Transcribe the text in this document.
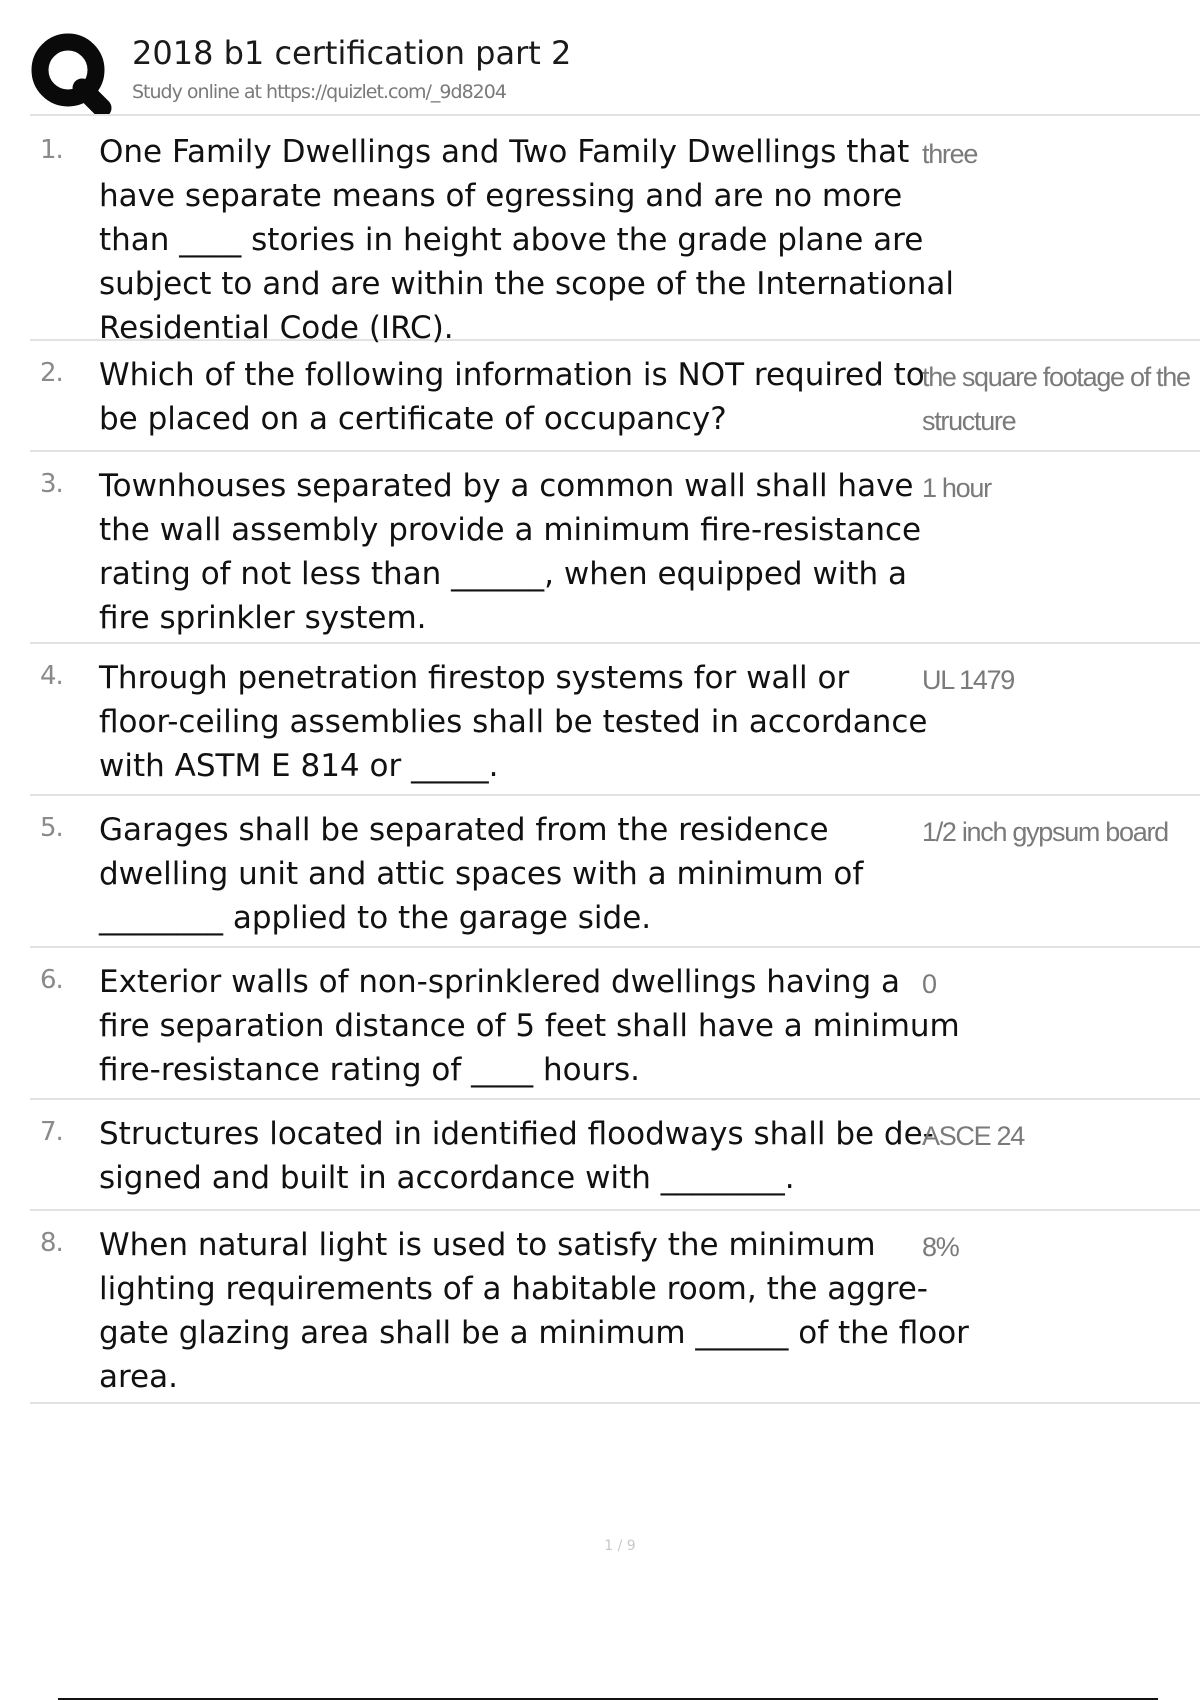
2018 b1 certification part 2
Study online at https://quizlet.com/_9d8204
1. One Family Dwellings and Two Family Dwellings that
have separate means of egressing and are no more
than ____ stories in height above the grade plane are
subject to and are within the scope of the International
Residential Code (IRC).
three
2. Which of the following information is NOT required to
be placed on a certificate of occupancy?
the square footage of the
structure
3. Townhouses separated by a common wall shall have
the wall assembly provide a minimum fire-resistance
rating of not less than ______, when equipped with a
fire sprinkler system.
1 hour
4. Through penetration firestop systems for wall or
floor-ceiling assemblies shall be tested in accordance
with ASTM E 814 or _____.
UL 1479
5. Garages shall be separated from the residence
dwelling unit and attic spaces with a minimum of
________ applied to the garage side.
1/2 inch gypsum board
6. Exterior walls of non-sprinklered dwellings having a
fire separation distance of 5 feet shall have a minimum
fire-resistance rating of ____ hours.
0
7. Structures located in identified floodways shall be de-
signed and built in accordance with ________.
ASCE 24
8. When natural light is used to satisfy the minimum
lighting requirements of a habitable room, the aggre-
gate glazing area shall be a minimum ______ of the floor
area.
8%
1 / 9
